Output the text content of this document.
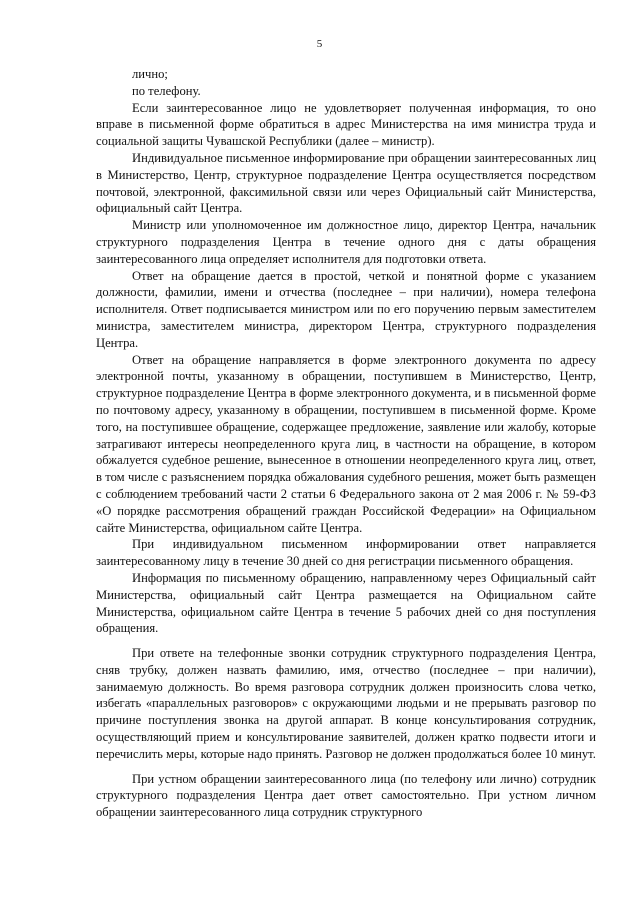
5

лично;

по телефону.

Если заинтересованное лицо не удовлетворяет полученная информация, то оно вправе в письменной форме обратиться в адрес Министерства на имя министра труда и социальной защиты Чувашской Республики (далее – министр).

Индивидуальное письменное информирование при обращении заинтересованных лиц в Министерство, Центр, структурное подразделение Центра осуществляется посредством почтовой, электронной, факсимильной связи или через Официальный сайт Министерства, официальный сайт Центра.

Министр или уполномоченное им должностное лицо, директор Центра, начальник структурного подразделения Центра в течение одного дня с даты обращения заинтересованного лица определяет исполнителя для подготовки ответа.

Ответ на обращение дается в простой, четкой и понятной форме с указанием должности, фамилии, имени и отчества (последнее – при наличии), номера телефона исполнителя. Ответ подписывается министром или по его поручению первым заместителем министра, заместителем министра, директором Центра, структурного подразделения Центра.

Ответ на обращение направляется в форме электронного документа по адресу электронной почты, указанному в обращении, поступившем в Министерство, Центр, структурное подразделение Центра в форме электронного документа, и в письменной форме по почтовому адресу, указанному в обращении, поступившем в письменной форме. Кроме того, на поступившее обращение, содержащее предложение, заявление или жалобу, которые затрагивают интересы неопределенного круга лиц, в частности на обращение, в котором обжалуется судебное решение, вынесенное в отношении неопределенного круга лиц, ответ, в том числе с разъяснением порядка обжалования судебного решения, может быть размещен с соблюдением требований части 2 статьи 6 Федерального закона от 2 мая 2006 г. № 59-ФЗ «О порядке рассмотрения обращений граждан Российской Федерации» на Официальном сайте Министерства, официальном сайте Центра.

При индивидуальном письменном информировании ответ направляется заинтересованному лицу в течение 30 дней со дня регистрации письменного обращения.

Информация по письменному обращению, направленному через Официальный сайт Министерства, официальный сайт Центра размещается на Официальном сайте Министерства, официальном сайте Центра в течение 5 рабочих дней со дня поступления обращения.

При ответе на телефонные звонки сотрудник структурного подразделения Центра, сняв трубку, должен назвать фамилию, имя, отчество (последнее – при наличии), занимаемую должность. Во время разговора сотрудник должен произносить слова четко, избегать «параллельных разговоров» с окружающими людьми и не прерывать разговор по причине поступления звонка на другой аппарат. В конце консультирования сотрудник, осуществляющий прием и консультирование заявителей, должен кратко подвести итоги и перечислить меры, которые надо принять. Разговор не должен продолжаться более 10 минут.

При устном обращении заинтересованного лица (по телефону или лично) сотрудник структурного подразделения Центра дает ответ самостоятельно. При устном личном обращении заинтересованного лица сотрудник структурного
